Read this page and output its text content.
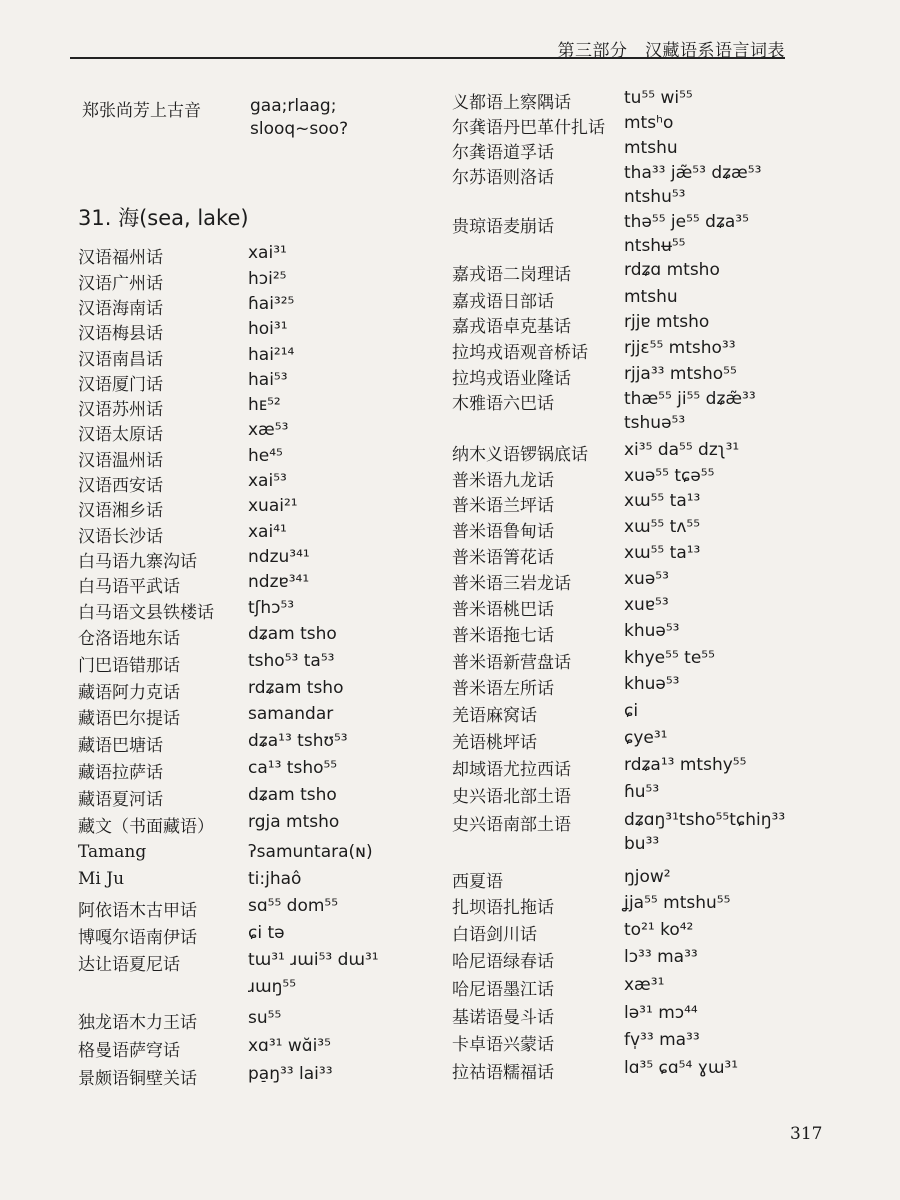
第三部分　汉藏语系语言词表
郑张尚芳上古音	gaa;rlaag;
slooq~soo?
31. 海(sea, lake)
汉语福州话	xai³¹
汉语广州话	hɔi²⁵
汉语海南话	ɦai³²⁵
汉语梅县话	hoi³¹
汉语南昌话	hai²¹⁴
汉语厦门话	hai⁵³
汉语苏州话	hᴇ⁵²
汉语太原话	xæ⁵³
汉语温州话	he⁴⁵
汉语西安话	xai⁵³
汉语湘乡话	xuai²¹
汉语长沙话	xai⁴¹
白马语九寨沟话	ndzu³⁴¹
白马语平武话	ndzɐ³⁴¹
白马语文县铁楼话 tʃhɔ⁵³
仓洛语地东话	dʑam tsho
门巴语错那话	tsho⁵³ ta⁵³
藏语阿力克话	rdʑam tsho
藏语巴尔提话	samandar
藏语巴塘话	dʑa¹³ tshʊ⁵³
藏语拉萨话	ca¹³ tsho⁵⁵
藏语夏河话	dʑam tsho
藏文（书面藏语） rgja mtsho
Tamang	ʔsamuntara(ɴ)
Mi Ju	ti:jhaô
阿依语木古甲话	sɑ⁵⁵ dom⁵⁵
博嘎尔语南伊话	ɕi tə
达让语夏尼话	tɯ³¹ ɹɯi⁵³ dɯ³¹
ɹɯŋ⁵⁵
独龙语木力王话	su⁵⁵
格曼语萨穹话	xɑ³¹ wɑ̆i³⁵
景颇语铜壁关话	pa̠ŋ³³ lai³³
义都语上察隅话	tu⁵⁵ wi⁵⁵
尔龚语丹巴革什扎话 mtsʰo
尔龚语道孚话	mtshu
尔苏语则洛话	tha³³ jæ̃⁵³ dʑæ⁵³
ntshu⁵³
贵琼语麦崩话	thə⁵⁵ je⁵⁵ dʑa³⁵
ntshʉ⁵⁵
嘉戎语二岗理话	rdʑɑ mtsho
嘉戎语日部话	mtshu
嘉戎语卓克基话	rjjɐ mtsho
拉坞戎语观音桥话 rjjɛ⁵⁵ mtsho³³
拉坞戎语业隆话	rjja³³ mtsho⁵⁵
木雅语六巴话	thæ⁵⁵ ji⁵⁵ dʑæ̃³³
tshuə⁵³
纳木义语锣锅底话 xi³⁵ da⁵⁵ dzʅ³¹
普米语九龙话	xuə⁵⁵ tɕə⁵⁵
普米语兰坪话	xɯ⁵⁵ ta¹³
普米语鲁甸话	xɯ⁵⁵ tʌ⁵⁵
普米语箐花话	xɯ⁵⁵ ta¹³
普米语三岩龙话	xuə⁵³
普米语桃巴话	xuɐ⁵³
普米语拖七话	khuə⁵³
普米语新营盘话	khye⁵⁵ te⁵⁵
普米语左所话	khuə⁵³
羌语麻窝话	ɕi
羌语桃坪话	ɕye³¹
却域语尤拉西话	rdʑa¹³ mtshy⁵⁵
史兴语北部土语	ɦu⁵³
史兴语南部土语	dʑɑŋ³¹tsho⁵⁵tɕhiŋ³³
bu³³
西夏语	ŋjow²
扎坝语扎拖话	ʝja⁵⁵ mtshu⁵⁵
白语剑川话	to²¹ ko⁴²
哈尼语绿春话	lɔ³³ ma³³
哈尼语墨江话	xæ³¹
基诺语曼斗话	lə³¹ mɔ⁴⁴
卡卓语兴蒙话	fv̩³³ ma³³
拉祜语糯福话	lɑ³⁵ ɕɑ⁵⁴ ɣɯ³¹
317
